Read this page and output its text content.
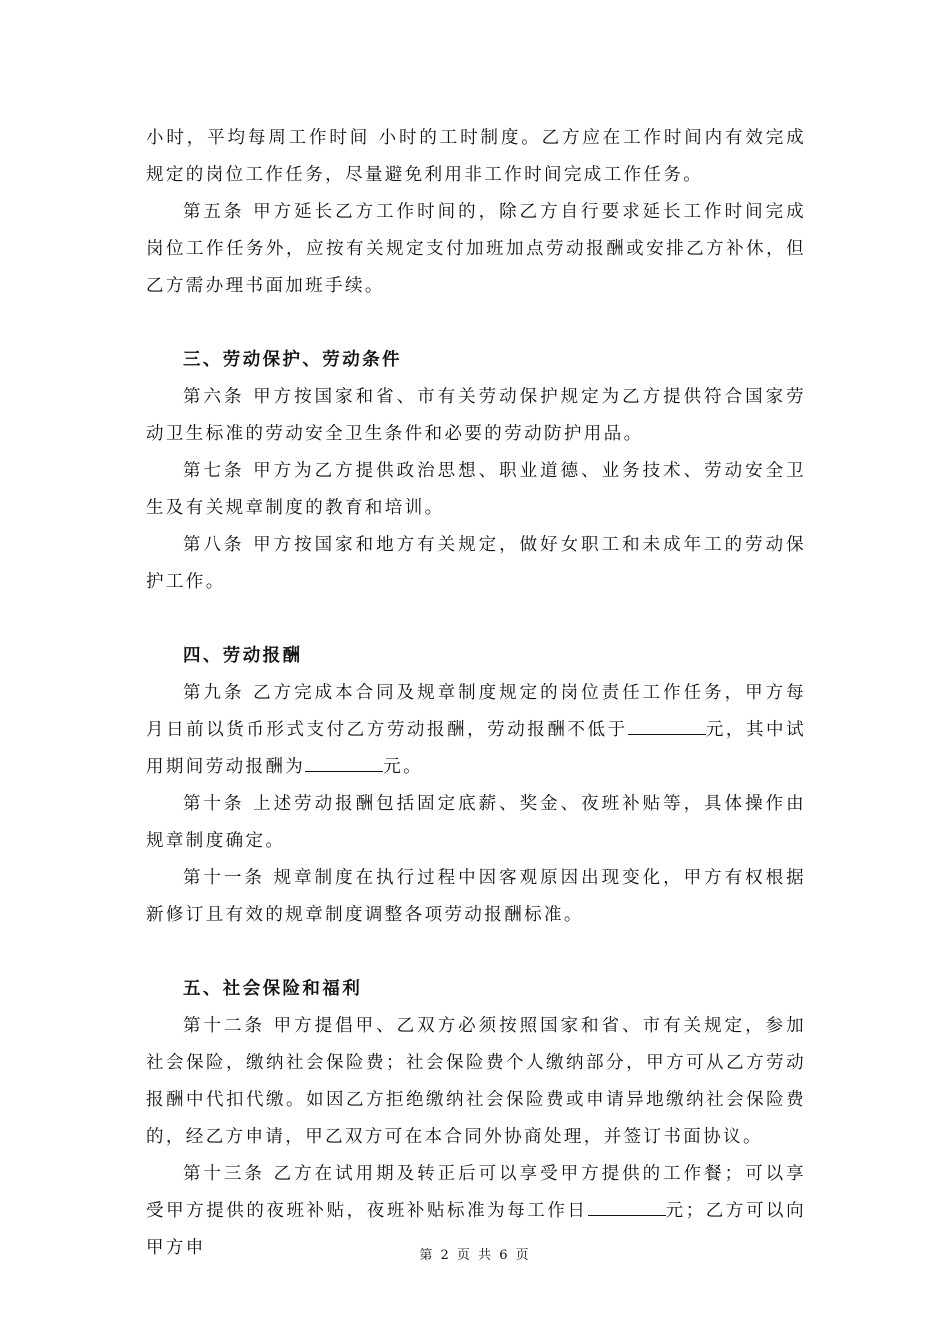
小时，平均每周工作时间 小时的工时制度。乙方应在工作时间内有效完成规定的岗位工作任务，尽量避免利用非工作时间完成工作任务。

第五条 甲方延长乙方工作时间的，除乙方自行要求延长工作时间完成岗位工作任务外，应按有关规定支付加班加点劳动报酬或安排乙方补休，但乙方需办理书面加班手续。

三、劳动保护、劳动条件

第六条 甲方按国家和省、市有关劳动保护规定为乙方提供符合国家劳动卫生标准的劳动安全卫生条件和必要的劳动防护用品。

第七条 甲方为乙方提供政治思想、职业道德、业务技术、劳动安全卫生及有关规章制度的教育和培训。

第八条 甲方按国家和地方有关规定，做好女职工和未成年工的劳动保护工作。

四、劳动报酬

第九条 乙方完成本合同及规章制度规定的岗位责任工作任务，甲方每月日前以货币形式支付乙方劳动报酬，劳动报酬不低于	元，其中试用期间劳动报酬为	元。

第十条 上述劳动报酬包括固定底薪、奖金、夜班补贴等，具体操作由规章制度确定。

第十一条 规章制度在执行过程中因客观原因出现变化，甲方有权根据新修订且有效的规章制度调整各项劳动报酬标准。

五、社会保险和福利

第十二条 甲方提倡甲、乙双方必须按照国家和省、市有关规定，参加社会保险，缴纳社会保险费；社会保险费个人缴纳部分，甲方可从乙方劳动报酬中代扣代缴。如因乙方拒绝缴纳社会保险费或申请异地缴纳社会保险费的，经乙方申请，甲乙双方可在本合同外协商处理，并签订书面协议。

第十三条 乙方在试用期及转正后可以享受甲方提供的工作餐；可以享受甲方提供的夜班补贴，夜班补贴标准为每工作日	元；乙方可以向甲方申	第 2 页 共 6 页
